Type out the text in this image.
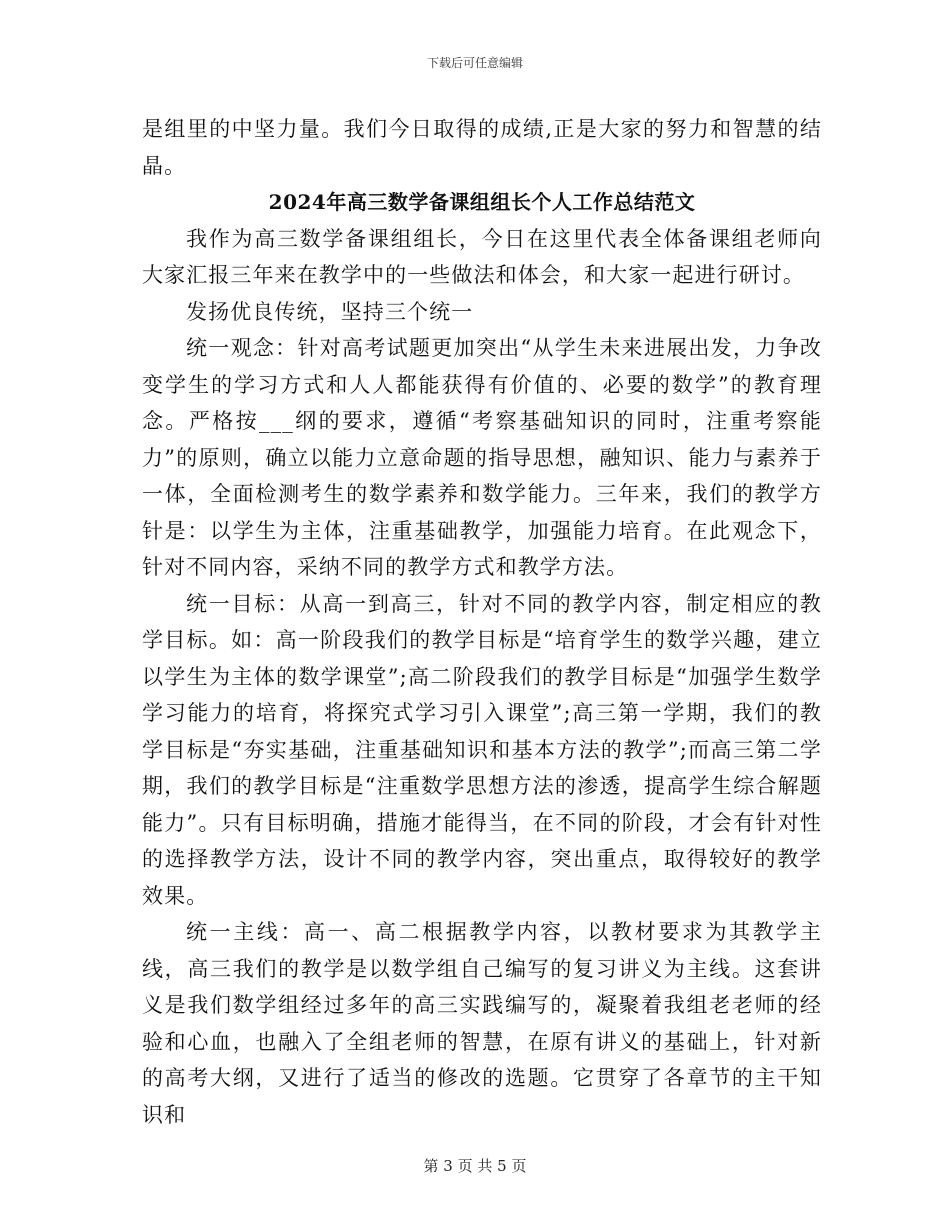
下载后可任意编辑

是组里的中坚力量。我们今日取得的成绩,正是大家的努力和智慧的结晶。

2024年高三数学备课组组长个人工作总结范文

我作为高三数学备课组组长，今日在这里代表全体备课组老师向大家汇报三年来在教学中的一些做法和体会，和大家一起进行研讨。

发扬优良传统，坚持三个统一

统一观念：针对高考试题更加突出“从学生未来进展出发，力争改变学生的学习方式和人人都能获得有价值的、必要的数学”的教育理念。严格按___纲的要求，遵循“考察基础知识的同时，注重考察能力”的原则，确立以能力立意命题的指导思想，融知识、能力与素养于一体，全面检测考生的数学素养和数学能力。三年来，我们的教学方针是：以学生为主体，注重基础教学，加强能力培育。在此观念下，针对不同内容，采纳不同的教学方式和教学方法。

统一目标：从高一到高三，针对不同的教学内容，制定相应的教学目标。如：高一阶段我们的教学目标是“培育学生的数学兴趣，建立以学生为主体的数学课堂”;高二阶段我们的教学目标是“加强学生数学学习能力的培育，将探究式学习引入课堂”;高三第一学期，我们的教学目标是“夯实基础，注重基础知识和基本方法的教学”;而高三第二学期，我们的教学目标是“注重数学思想方法的渗透，提高学生综合解题能力”。只有目标明确，措施才能得当，在不同的阶段，才会有针对性的选择教学方法，设计不同的教学内容，突出重点，取得较好的教学效果。

统一主线：高一、高二根据教学内容，以教材要求为其教学主线，高三我们的教学是以数学组自己编写的复习讲义为主线。这套讲义是我们数学组经过多年的高三实践编写的，凝聚着我组老老师的经验和心血，也融入了全组老师的智慧，在原有讲义的基础上，针对新的高考大纲，又进行了适当的修改的选题。它贯穿了各章节的主干知识和

第 3 页 共 5 页
